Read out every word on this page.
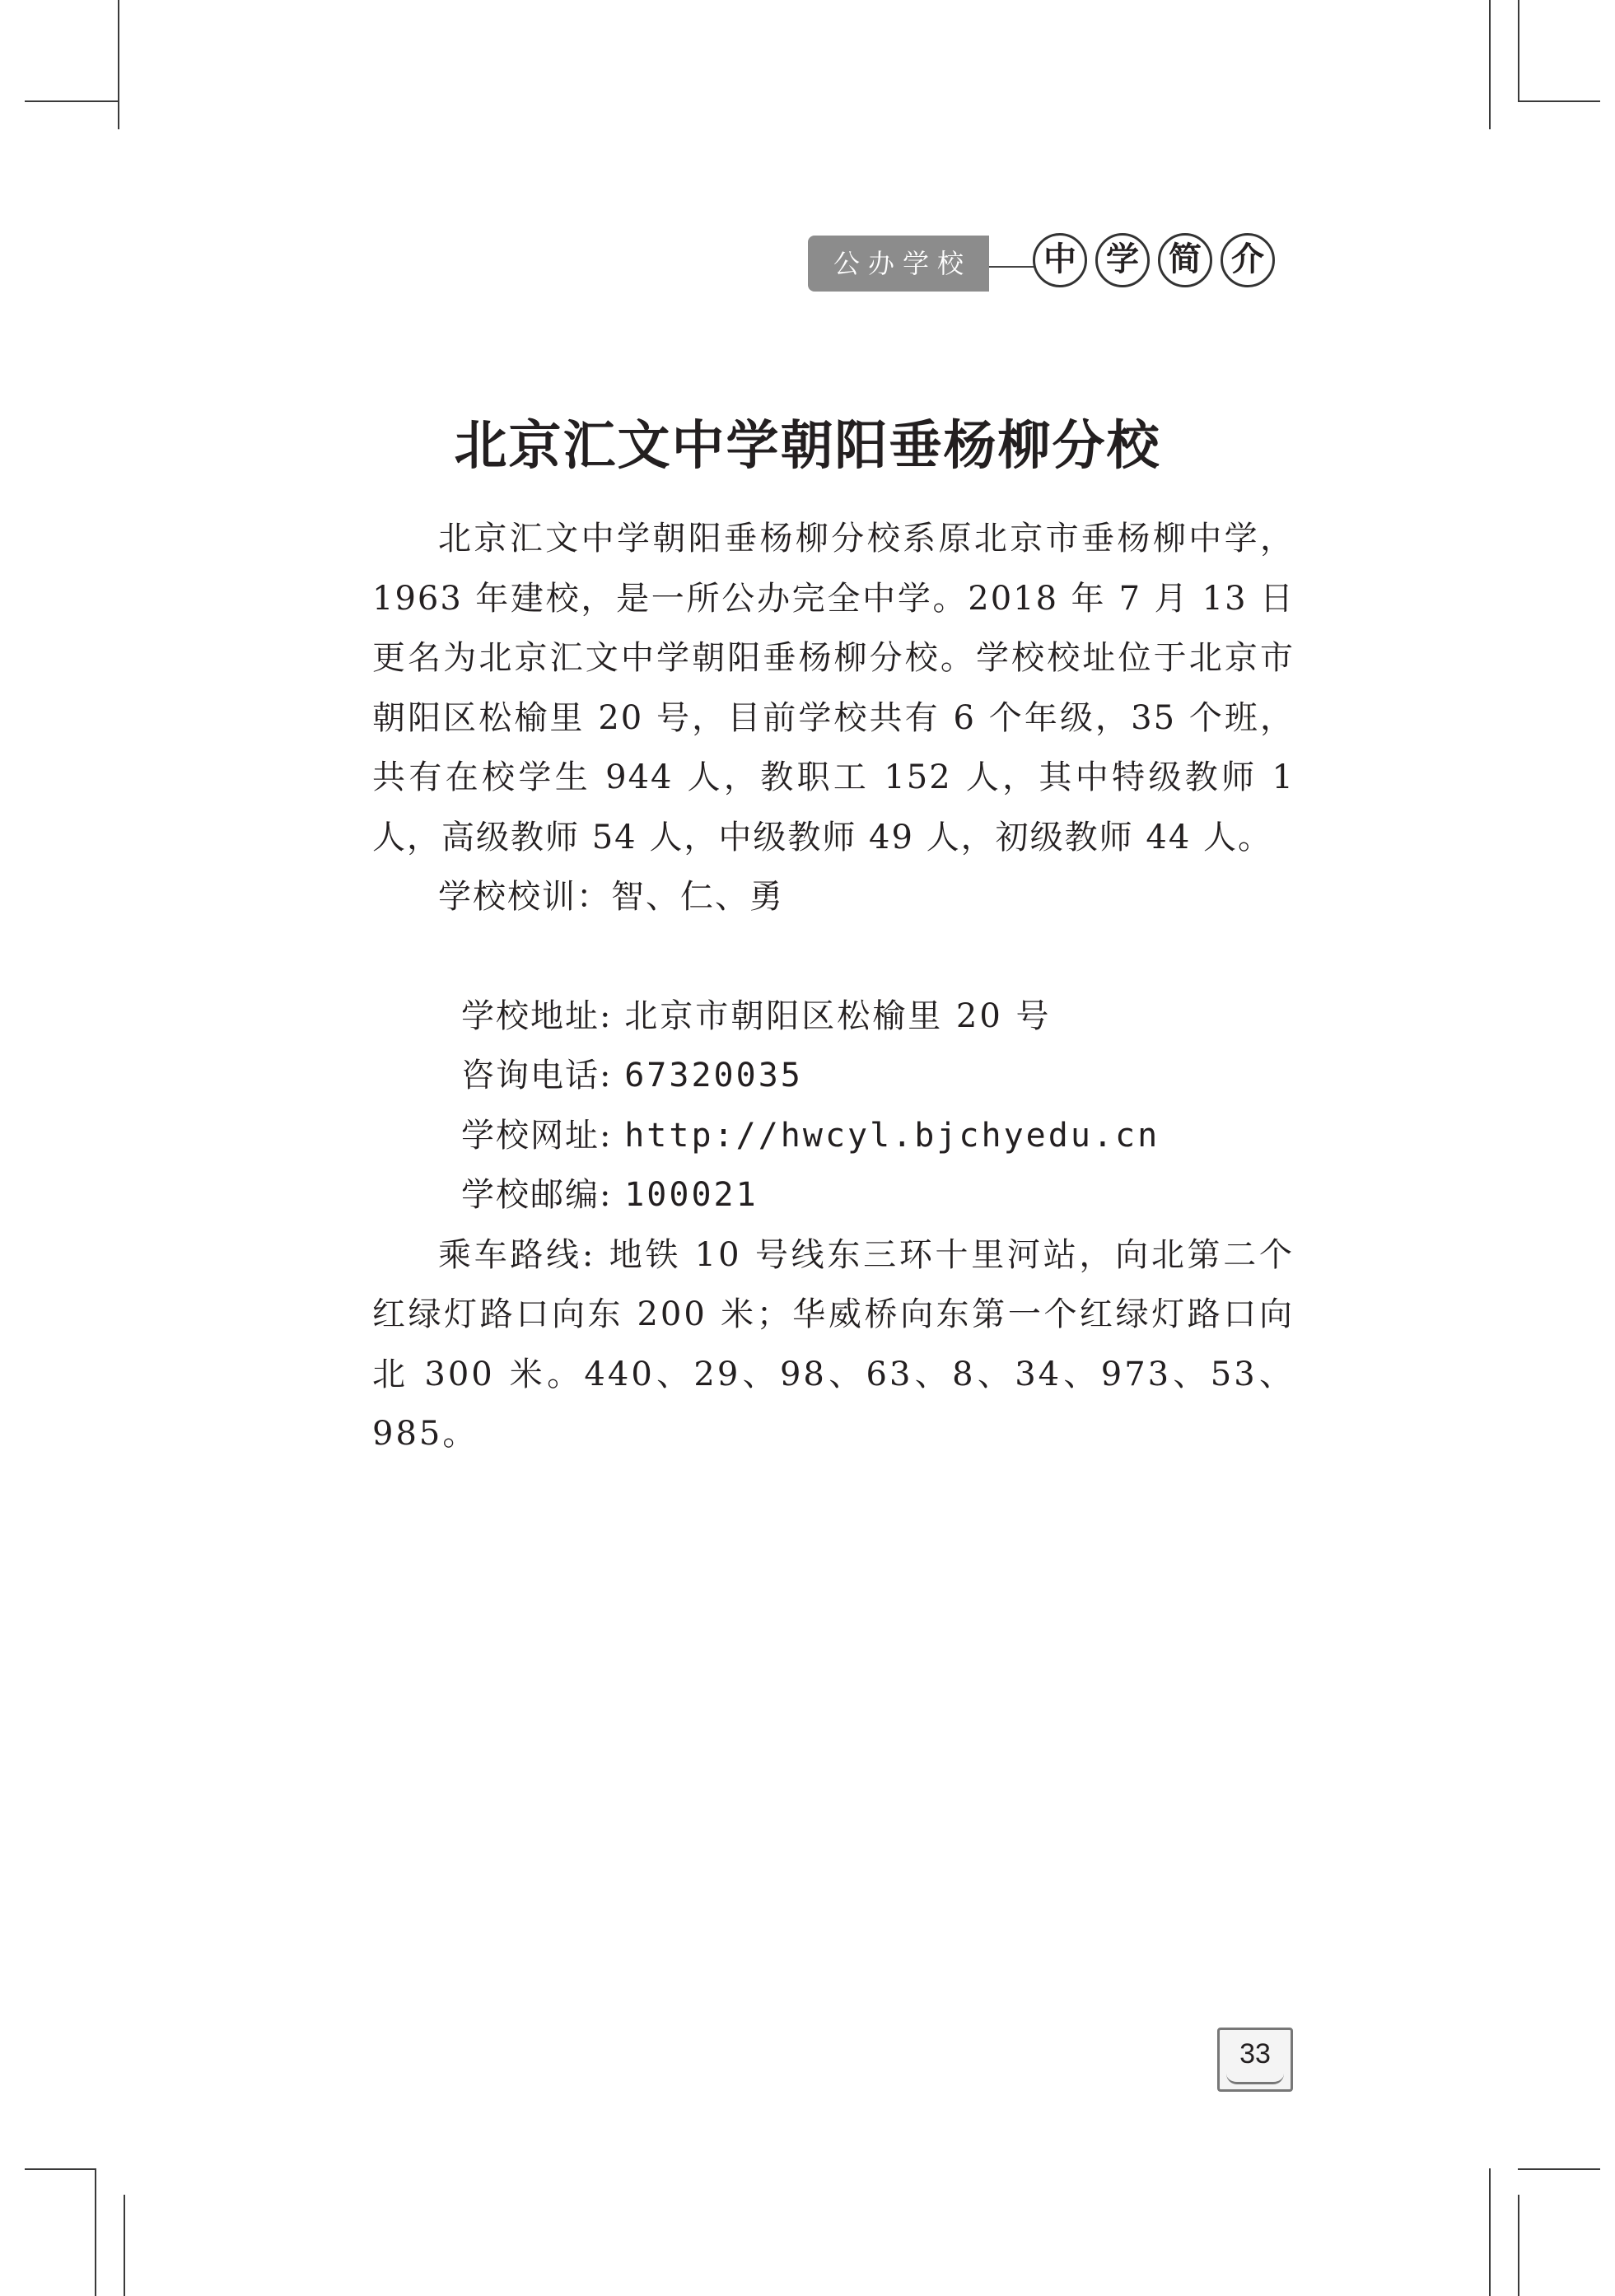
公办学校	中 学 简 介
北京汇文中学朝阳垂杨柳分校

北京汇文中学朝阳垂杨柳分校系原北京市垂杨柳中学，1963 年建校，是一所公办完全中学。2018 年 7 月 13 日更名为北京汇文中学朝阳垂杨柳分校。学校校址位于北京市朝阳区松榆里 20 号，目前学校共有 6 个年级，35 个班，共有在校学生 944 人，教职工 152 人，其中特级教师 1 人，高级教师 54 人，中级教师 49 人，初级教师 44 人。

学校校训：智、仁、勇

学校地址: 北京市朝阳区松榆里 20 号
咨询电话: 67320035
学校网址: http://hwcyl.bjchyedu.cn
学校邮编: 100021

乘车路线: 地铁 10 号线东三环十里河站，向北第二个红绿灯路口向东 200 米；华威桥向东第一个红绿灯路口向北 300 米。440、29、98、63、8、34、973、53、985。

33
